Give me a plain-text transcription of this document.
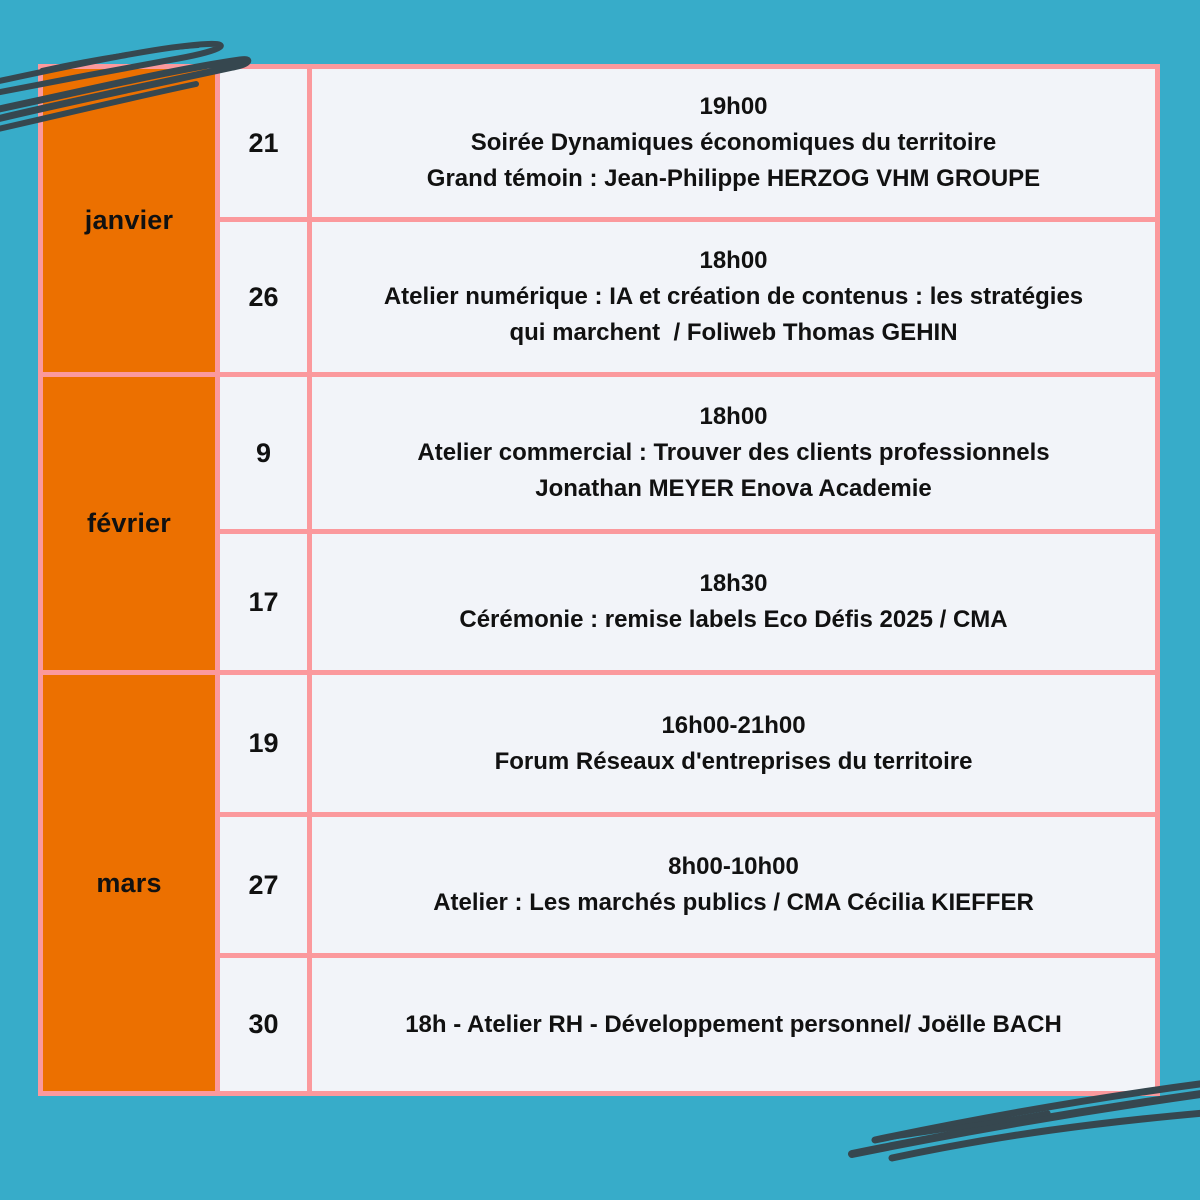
janvier
février
mars
21
19h00
Soirée Dynamiques économiques du territoire
Grand témoin : Jean-Philippe HERZOG VHM GROUPE
26
18h00
Atelier numérique : IA et création de contenus : les stratégies
qui marchent  / Foliweb Thomas GEHIN
9
18h00
Atelier commercial : Trouver des clients professionnels
Jonathan MEYER Enova Academie
17
18h30
Cérémonie : remise labels Eco Défis 2025 / CMA
19
16h00-21h00
Forum Réseaux d'entreprises du territoire
27
8h00-10h00
Atelier : Les marchés publics / CMA Cécilia KIEFFER
30	18h - Atelier RH - Développement personnel/ Joëlle BACH
